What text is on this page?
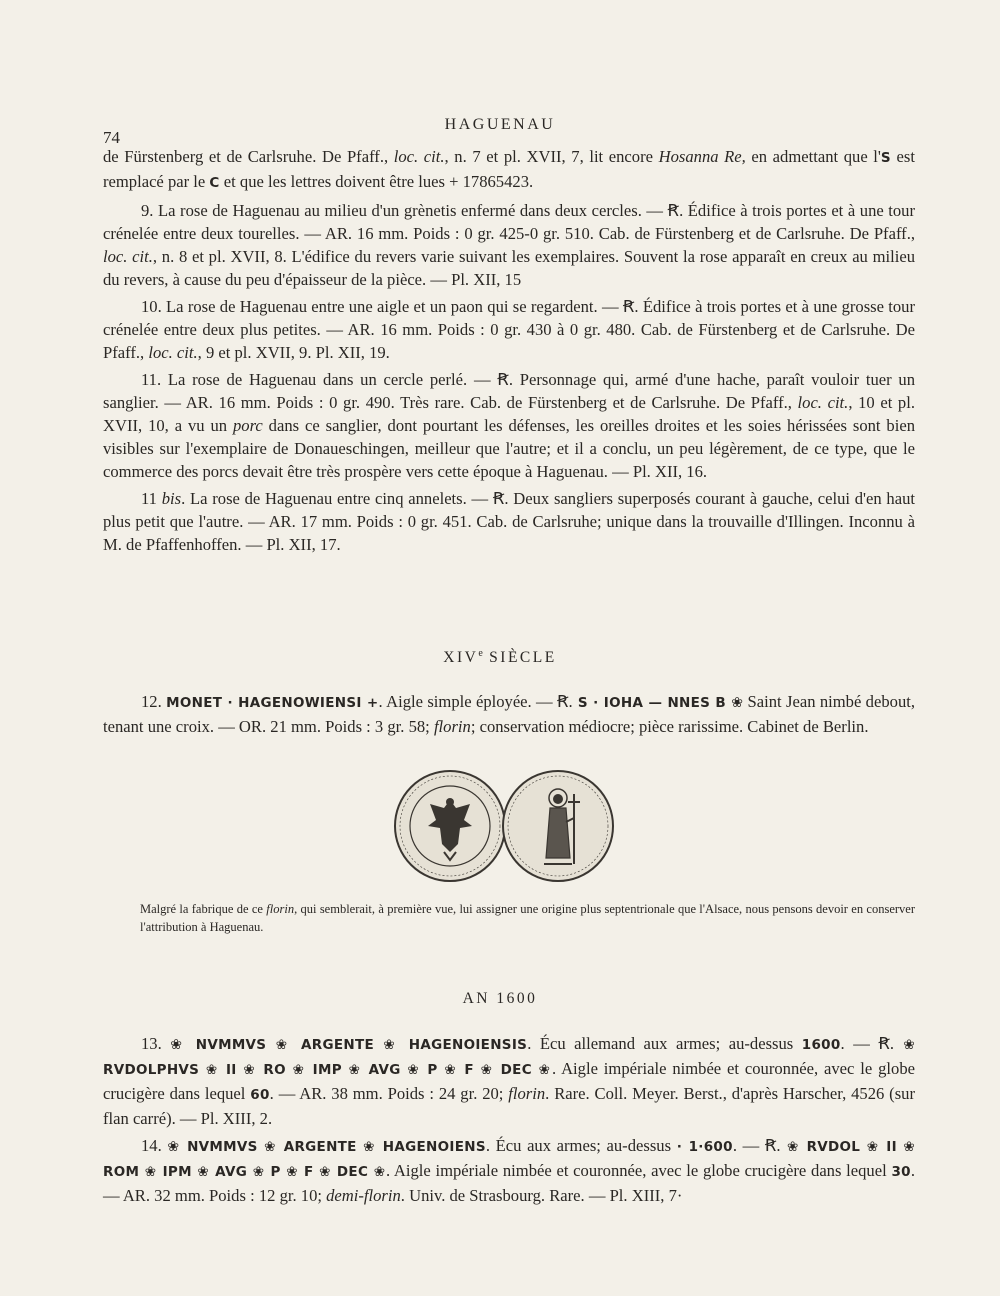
74
HAGUENAU

de Fürstenberg et de Carlsruhe. De Pfaff., loc. cit., n. 7 et pl. XVII, 7, lit encore Hosanna Re, en admettant que l'S est remplacé par le C et que les lettres doivent être lues + 17865423.

9. La rose de Haguenau au milieu d'un grènetis enfermé dans deux cercles. — Ꞧ. Édifice à trois portes et à une tour crénelée entre deux tourelles. — AR. 16 mm. Poids : 0 gr. 425-0 gr. 510. Cab. de Fürstenberg et de Carlsruhe. De Pfaff., loc. cit., n. 8 et pl. XVII, 8. L'édifice du revers varie suivant les exemplaires. Souvent la rose apparaît en creux au milieu du revers, à cause du peu d'épaisseur de la pièce. — Pl. XII, 15

10. La rose de Haguenau entre une aigle et un paon qui se regardent. — Ꞧ. Édifice à trois portes et à une grosse tour crénelée entre deux plus petites. — AR. 16 mm. Poids : 0 gr. 430 à 0 gr. 480. Cab. de Fürstenberg et de Carlsruhe. De Pfaff., loc. cit., 9 et pl. XVII, 9. Pl. XII, 19.

11. La rose de Haguenau dans un cercle perlé. — Ꞧ. Personnage qui, armé d'une hache, paraît vouloir tuer un sanglier. — AR. 16 mm. Poids : 0 gr. 490. Très rare. Cab. de Fürstenberg et de Carlsruhe. De Pfaff., loc. cit., 10 et pl. XVII, 10, a vu un porc dans ce sanglier, dont pourtant les défenses, les oreilles droites et les soies hérissées sont bien visibles sur l'exemplaire de Donaueschingen, meilleur que l'autre; et il a conclu, un peu légèrement, de ce type, que le commerce des porcs devait être très prospère vers cette époque à Haguenau. — Pl. XII, 16.

11 bis. La rose de Haguenau entre cinq annelets. — Ꞧ. Deux sangliers superposés courant à gauche, celui d'en haut plus petit que l'autre. — AR. 17 mm. Poids : 0 gr. 451. Cab. de Carlsruhe; unique dans la trouvaille d'Illingen. Inconnu à M. de Pfaffenhoffen. — Pl. XII, 17.

XIVe SIÈCLE

12. MONET · HAGENOWIENSI +. Aigle simple éployée. — Ꞧ. S · IOHA — NNES B ❀ Saint Jean nimbé debout, tenant une croix. — OR. 21 mm. Poids : 3 gr. 58; florin; conservation médiocre; pièce rarissime. Cabinet de Berlin.

Malgré la fabrique de ce florin, qui semblerait, à première vue, lui assigner une origine plus septentrionale que l'Alsace, nous pensons devoir en conserver l'attribution à Haguenau.
AN 1600

13. ❀ NVMMVS ❀ ARGENTE ❀ HAGENOIENSIS. Écu allemand aux armes; au-dessus 1600. — Ꞧ. ❀ RVDOLPHVS ❀ II ❀ RO ❀ IMP ❀ AVG ❀ P ❀ F ❀ DEC ❀. Aigle impériale nimbée et couronnée, avec le globe crucigère dans lequel 60. — AR. 38 mm. Poids : 24 gr. 20; florin. Rare. Coll. Meyer. Berst., d'après Harscher, 4526 (sur flan carré). — Pl. XIII, 2.

14. ❀ NVMMVS ❀ ARGENTE ❀ HAGENOIENS. Écu aux armes; au-dessus · 1·600. — Ꞧ. ❀ RVDOL ❀ II ❀ ROM ❀ IPM ❀ AVG ❀ P ❀ F ❀ DEC ❀. Aigle impériale nimbée et couronnée, avec le globe crucigère dans lequel 30. — AR. 32 mm. Poids : 12 gr. 10; demi-florin. Univ. de Strasbourg. Rare. — Pl. XIII, 7·
